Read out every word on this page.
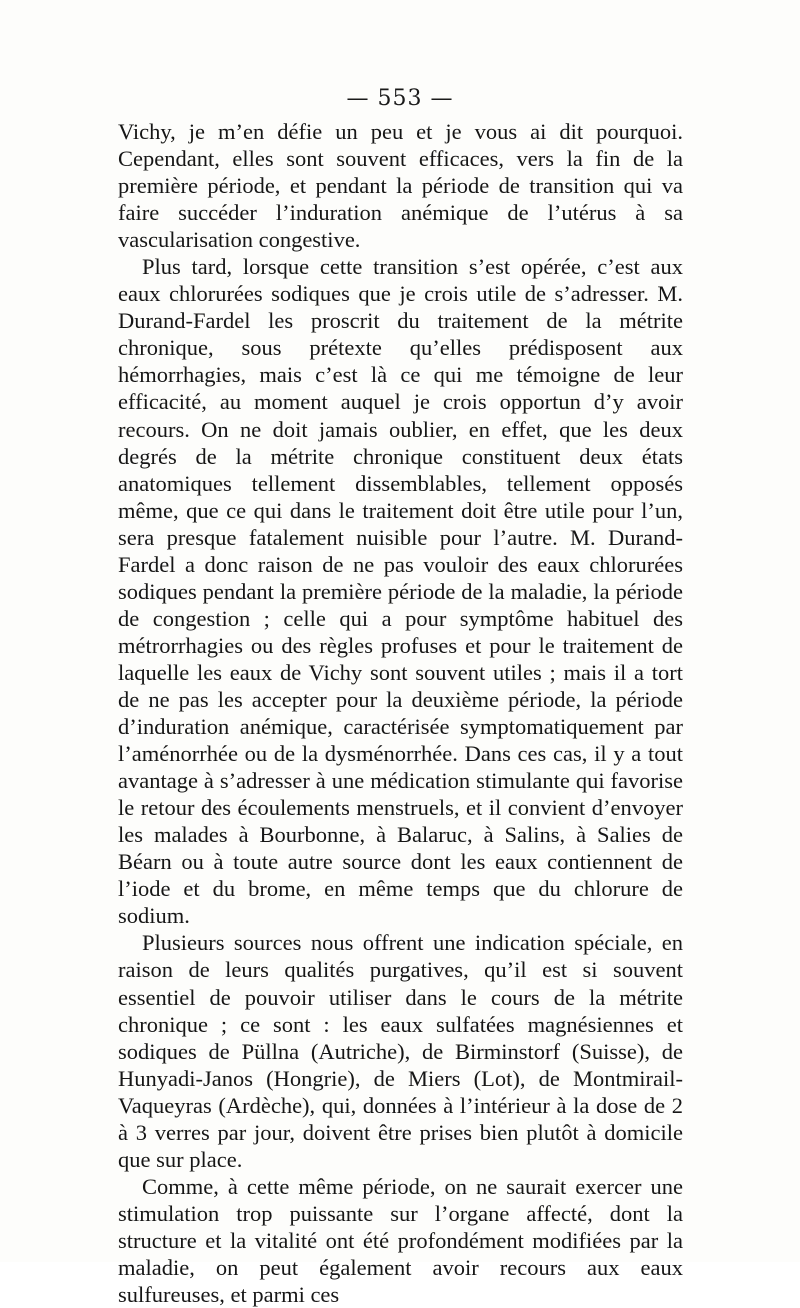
— 553 —

Vichy, je m’en défie un peu et je vous ai dit pourquoi. Cependant, elles sont souvent efficaces, vers la fin de la première période, et pendant la période de transition qui va faire succéder l’induration anémique de l’utérus à sa vascularisation congestive.

Plus tard, lorsque cette transition s’est opérée, c’est aux eaux chlorurées sodiques que je crois utile de s’adresser. M. Durand-Fardel les proscrit du traitement de la métrite chronique, sous prétexte qu’elles prédisposent aux hémorrhagies, mais c’est là ce qui me témoigne de leur efficacité, au moment auquel je crois opportun d’y avoir recours. On ne doit jamais oublier, en effet, que les deux degrés de la métrite chronique constituent deux états anatomiques tellement dissemblables, tellement opposés même, que ce qui dans le traitement doit être utile pour l’un, sera presque fatalement nuisible pour l’autre. M. Durand-Fardel a donc raison de ne pas vouloir des eaux chlorurées sodiques pendant la première période de la maladie, la période de congestion ; celle qui a pour symptôme habituel des métrorrhagies ou des règles profuses et pour le traitement de laquelle les eaux de Vichy sont souvent utiles ; mais il a tort de ne pas les accepter pour la deuxième période, la période d’induration anémique, caractérisée symptomatiquement par l’aménorrhée ou de la dysménorrhée. Dans ces cas, il y a tout avantage à s’adresser à une médication stimulante qui favorise le retour des écoulements menstruels, et il convient d’envoyer les malades à Bourbonne, à Balaruc, à Salins, à Salies de Béarn ou à toute autre source dont les eaux contiennent de l’iode et du brome, en même temps que du chlorure de sodium.

Plusieurs sources nous offrent une indication spéciale, en raison de leurs qualités purgatives, qu’il est si souvent essentiel de pouvoir utiliser dans le cours de la métrite chronique ; ce sont : les eaux sulfatées magnésiennes et sodiques de Püllna (Autriche), de Birminstorf (Suisse), de Hunyadi-Janos (Hongrie), de Miers (Lot), de Montmirail-Vaqueyras (Ardèche), qui, données à l’intérieur à la dose de 2 à 3 verres par jour, doivent être prises bien plutôt à domicile que sur place.

Comme, à cette même période, on ne saurait exercer une stimulation trop puissante sur l’organe affecté, dont la structure et la vitalité ont été profondément modifiées par la maladie, on peut également avoir recours aux eaux sulfureuses, et parmi ces
